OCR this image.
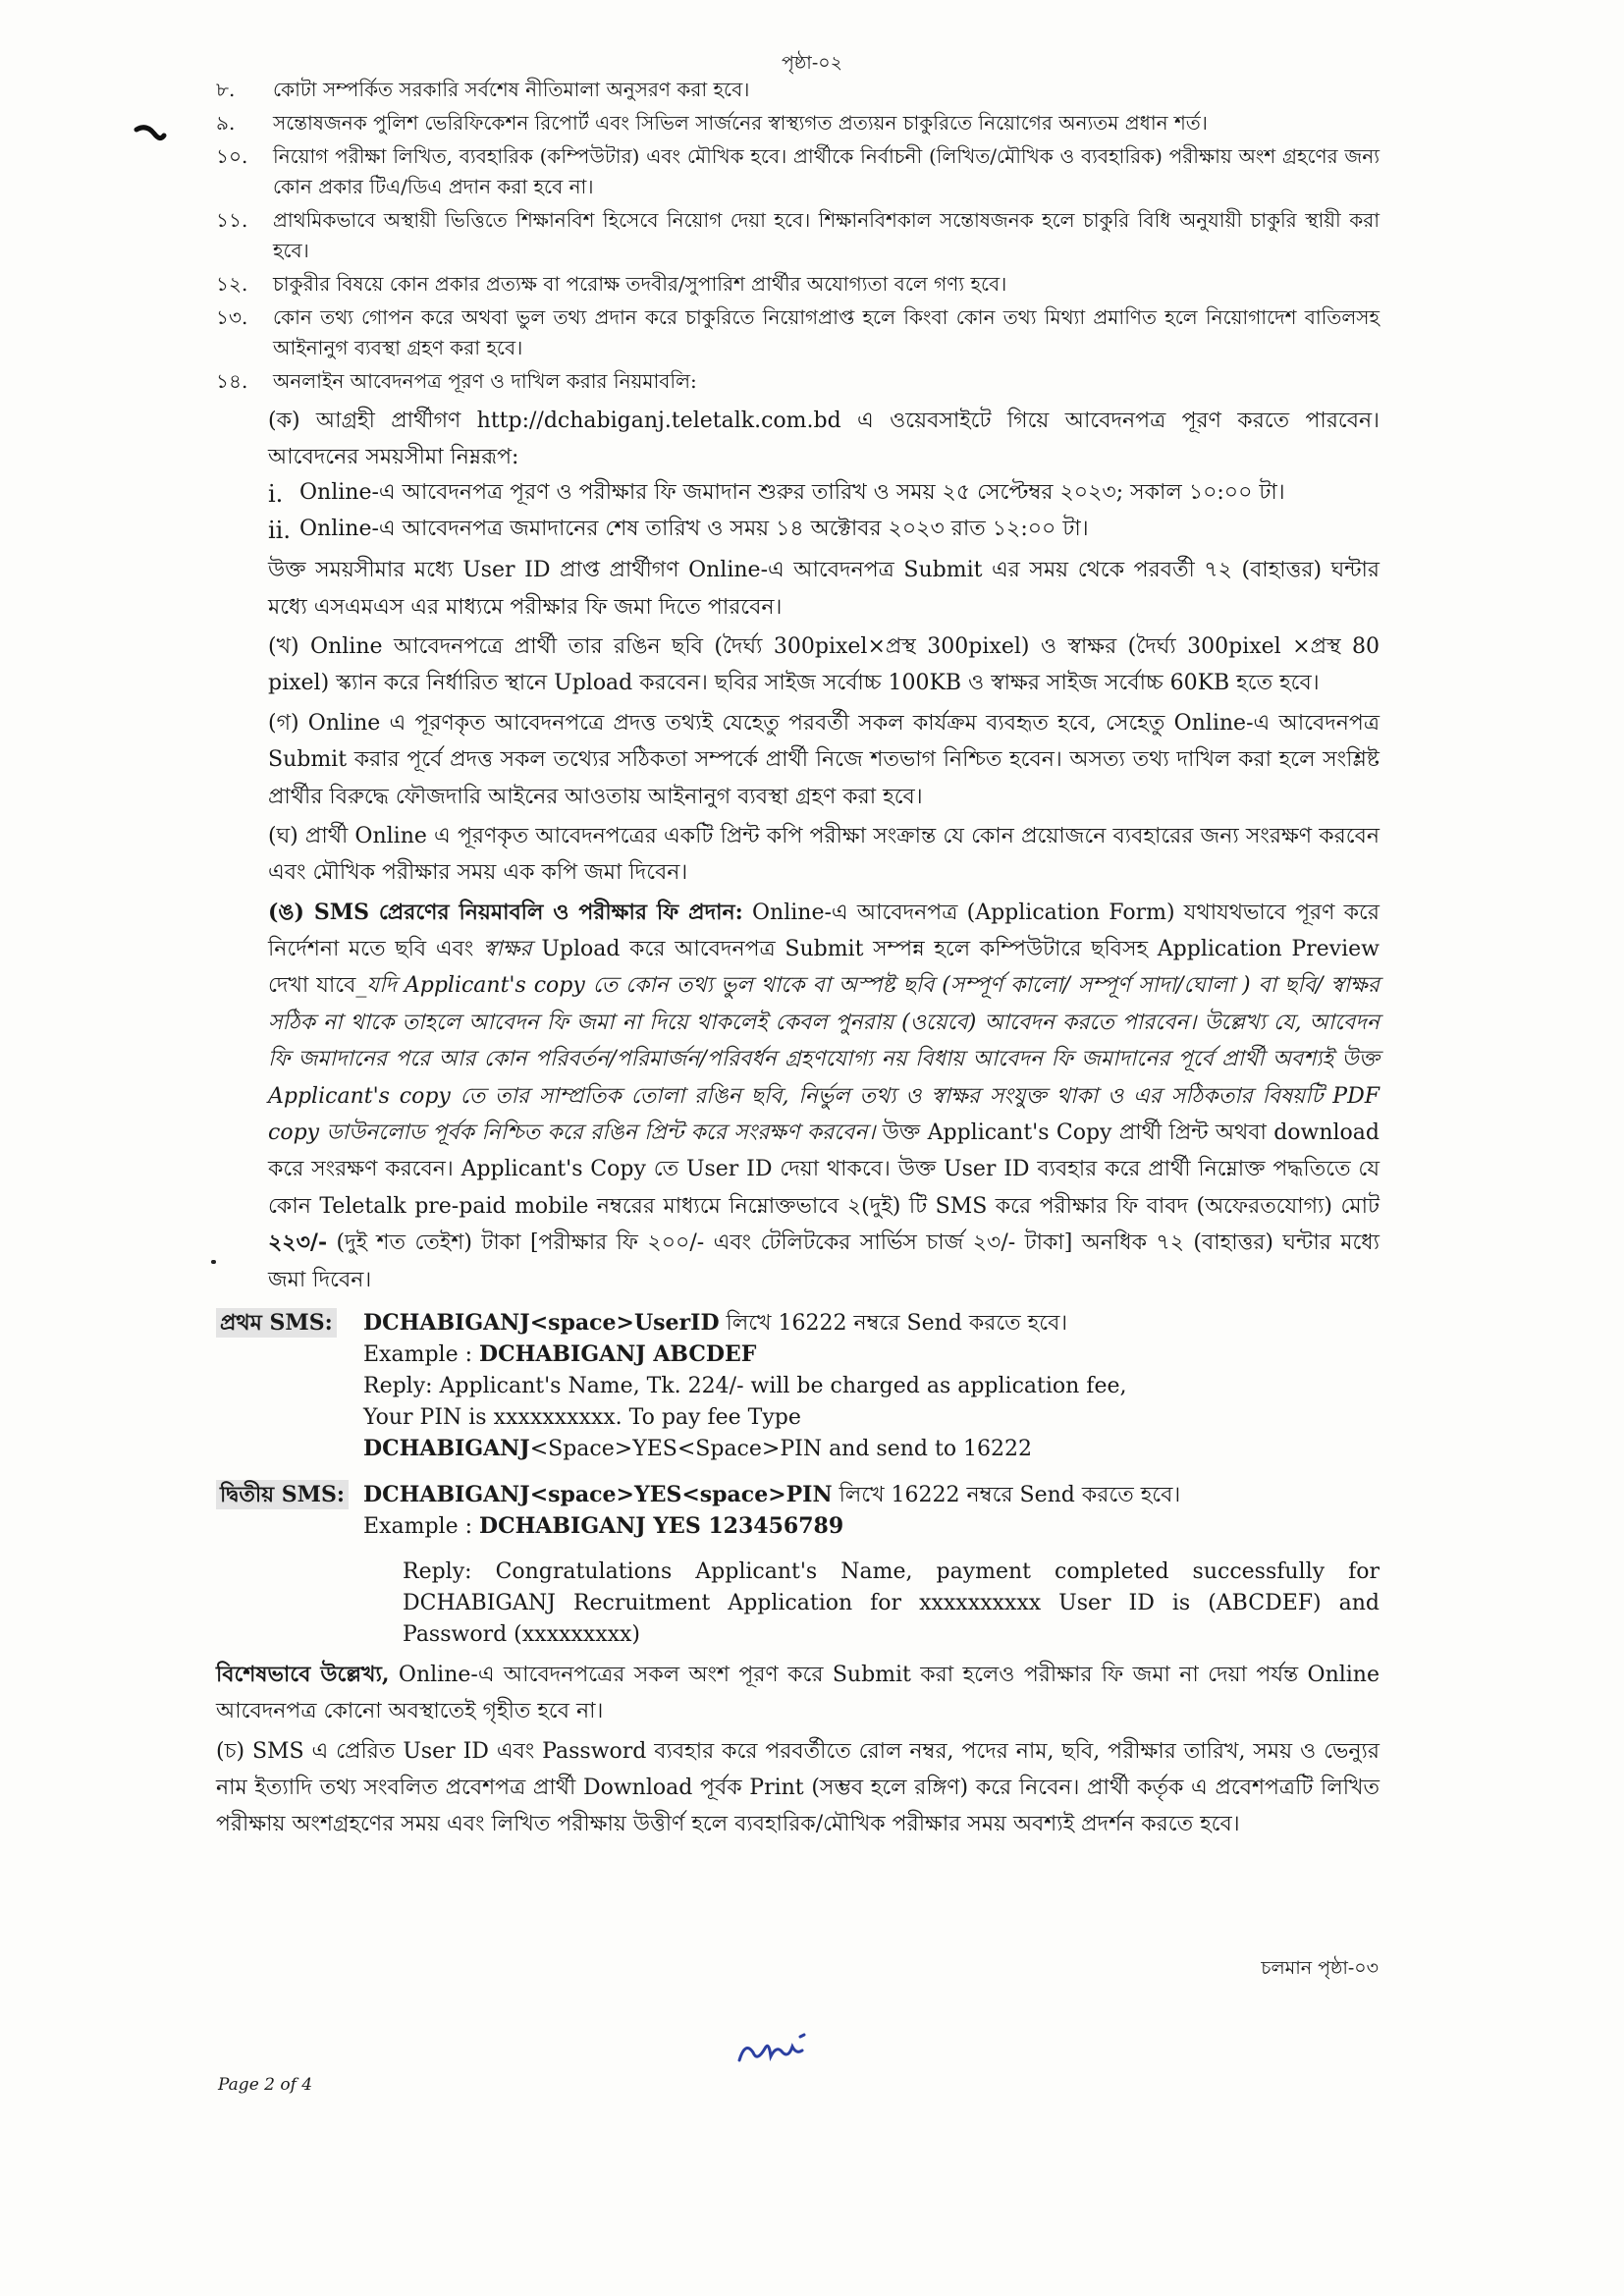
পৃষ্ঠা-০২
৮.	কোটা সম্পর্কিত সরকারি সর্বশেষ নীতিমালা অনুসরণ করা হবে।
৯.	সন্তোষজনক পুলিশ ভেরিফিকেশন রিপোর্ট এবং সিভিল সার্জনের স্বাস্থ্যগত প্রত্যয়ন চাকুরিতে নিয়োগের অন্যতম প্রধান শর্ত।
১০.	নিয়োগ পরীক্ষা লিখিত, ব্যবহারিক (কম্পিউটার) এবং মৌখিক হবে। প্রার্থীকে নির্বাচনী (লিখিত/মৌখিক ও ব্যবহারিক) পরীক্ষায় অংশ গ্রহণের জন্য কোন প্রকার টিএ/ডিএ প্রদান করা হবে না।
১১.	প্রাথমিকভাবে অস্থায়ী ভিত্তিতে শিক্ষানবিশ হিসেবে নিয়োগ দেয়া হবে। শিক্ষানবিশকাল সন্তোষজনক হলে চাকুরি বিধি অনুযায়ী চাকুরি স্থায়ী করা হবে।
১২.	চাকুরীর বিষয়ে কোন প্রকার প্রত্যক্ষ বা পরোক্ষ তদবীর/সুপারিশ প্রার্থীর অযোগ্যতা বলে গণ্য হবে।
১৩.	কোন তথ্য গোপন করে অথবা ভুল তথ্য প্রদান করে চাকুরিতে নিয়োগপ্রাপ্ত হলে কিংবা কোন তথ্য মিথ্যা প্রমাণিত হলে নিয়োগাদেশ বাতিলসহ আইনানুগ ব্যবস্থা গ্রহণ করা হবে।
১৪.	অনলাইন আবেদনপত্র পূরণ ও দাখিল করার নিয়মাবলি:
(ক) আগ্রহী প্রার্থীগণ http://dchabiganj.teletalk.com.bd এ ওয়েবসাইটে গিয়ে আবেদনপত্র পূরণ করতে পারবেন। আবেদনের সময়সীমা নিম্নরূপ:
i. Online-এ আবেদনপত্র পূরণ ও পরীক্ষার ফি জমাদান শুরুর তারিখ ও সময় ২৫ সেপ্টেম্বর ২০২৩; সকাল ১০:০০ টা।
ii. Online-এ আবেদনপত্র জমাদানের শেষ তারিখ ও সময় ১৪ অক্টোবর ২০২৩ রাত ১২:০০ টা।
উক্ত সময়সীমার মধ্যে User ID প্রাপ্ত প্রার্থীগণ Online-এ আবেদনপত্র Submit এর সময় থেকে পরবর্তী ৭২ (বাহাত্তর) ঘন্টার মধ্যে এসএমএস এর মাধ্যমে পরীক্ষার ফি জমা দিতে পারবেন।
(খ) Online আবেদনপত্রে প্রার্থী তার রঙিন ছবি (দৈর্ঘ্য 300pixel×প্রস্থ 300pixel) ও স্বাক্ষর (দৈর্ঘ্য 300pixel ×প্রস্থ 80 pixel) স্ক্যান করে নির্ধারিত স্থানে Upload করবেন। ছবির সাইজ সর্বোচ্চ 100KB ও স্বাক্ষর সাইজ সর্বোচ্চ 60KB হতে হবে।
(গ) Online এ পূরণকৃত আবেদনপত্রে প্রদত্ত তথ্যই যেহেতু পরবর্তী সকল কার্যক্রম ব্যবহৃত হবে, সেহেতু Online-এ আবেদনপত্র Submit করার পূর্বে প্রদত্ত সকল তথ্যের সঠিকতা সম্পর্কে প্রার্থী নিজে শতভাগ নিশ্চিত হবেন। অসত্য তথ্য দাখিল করা হলে সংশ্লিষ্ট প্রার্থীর বিরুদ্ধে ফৌজদারি আইনের আওতায় আইনানুগ ব্যবস্থা গ্রহণ করা হবে।
(ঘ) প্রার্থী Online এ পূরণকৃত আবেদনপত্রের একটি প্রিন্ট কপি পরীক্ষা সংক্রান্ত যে কোন প্রয়োজনে ব্যবহারের জন্য সংরক্ষণ করবেন এবং মৌখিক পরীক্ষার সময় এক কপি জমা দিবেন।
(ঙ) SMS প্রেরণের নিয়মাবলি ও পরীক্ষার ফি প্রদান: Online-এ আবেদনপত্র (Application Form) যথাযথভাবে পূরণ করে নির্দেশনা মতে ছবি এবং স্বাক্ষর Upload করে আবেদনপত্র Submit সম্পন্ন হলে কম্পিউটারে ছবিসহ Application Preview দেখা যাবে_যদি Applicant's copy তে কোন তথ্য ভুল থাকে বা অস্পষ্ট ছবি (সম্পূর্ণ কালো/ সম্পূর্ণ সাদা/ঘোলা ) বা ছবি/ স্বাক্ষর সঠিক না থাকে তাহলে আবেদন ফি জমা না দিয়ে থাকলেই কেবল পুনরায় (ওয়েবে) আবেদন করতে পারবেন। উল্লেখ্য যে, আবেদন ফি জমাদানের পরে আর কোন পরিবর্তন/পরিমার্জন/পরিবর্ধন গ্রহণযোগ্য নয় বিধায় আবেদন ফি জমাদানের পূর্বে প্রার্থী অবশ্যই উক্ত Applicant's copy তে তার সাম্প্রতিক তোলা রঙিন ছবি, নির্ভুল তথ্য ও স্বাক্ষর সংযুক্ত থাকা ও এর সঠিকতার বিষয়টি PDF copy ডাউনলোড পূর্বক নিশ্চিত করে রঙিন প্রিন্ট করে সংরক্ষণ করবেন। উক্ত Applicant's Copy প্রার্থী প্রিন্ট অথবা download করে সংরক্ষণ করবেন। Applicant's Copy তে User ID দেয়া থাকবে। উক্ত User ID ব্যবহার করে প্রার্থী নিম্নোক্ত পদ্ধতিতে যে কোন Teletalk pre-paid mobile নম্বরের মাধ্যমে নিম্নোক্তভাবে ২(দুই) টি SMS করে পরীক্ষার ফি বাবদ (অফেরতযোগ্য) মোট ২২৩/- (দুই শত তেইশ) টাকা [পরীক্ষার ফি ২০০/- এবং টেলিটকের সার্ভিস চার্জ ২৩/- টাকা] অনধিক ৭২ (বাহাত্তর) ঘন্টার মধ্যে জমা দিবেন।
প্রথম SMS:	DCHABIGANJ<space>UserID লিখে 16222 নম্বরে Send করতে হবে।
Example : DCHABIGANJ ABCDEF
Reply: Applicant's Name, Tk. 224/- will be charged as application fee,
Your PIN is xxxxxxxxxx. To pay fee Type
DCHABIGANJ<Space>YES<Space>PIN and send to 16222
দ্বিতীয় SMS: DCHABIGANJ<space>YES<space>PIN লিখে 16222 নম্বরে Send করতে হবে।
Example : DCHABIGANJ YES 123456789
Reply: Congratulations Applicant's Name, payment completed successfully for DCHABIGANJ Recruitment Application for xxxxxxxxxx User ID is (ABCDEF) and Password (xxxxxxxxx)
বিশেষভাবে উল্লেখ্য, Online-এ আবেদনপত্রের সকল অংশ পূরণ করে Submit করা হলেও পরীক্ষার ফি জমা না দেয়া পর্যন্ত Online আবেদনপত্র কোনো অবস্থাতেই গৃহীত হবে না।
(চ) SMS এ প্রেরিত User ID এবং Password ব্যবহার করে পরবর্তীতে রোল নম্বর, পদের নাম, ছবি, পরীক্ষার তারিখ, সময় ও ভেন্যুর নাম ইত্যাদি তথ্য সংবলিত প্রবেশপত্র প্রার্থী Download পূর্বক Print (সম্ভব হলে রঙ্গিণ) করে নিবেন। প্রার্থী কর্তৃক এ প্রবেশপত্রটি লিখিত পরীক্ষায় অংশগ্রহণের সময় এবং লিখিত পরীক্ষায় উত্তীর্ণ হলে ব্যবহারিক/মৌখিক পরীক্ষার সময় অবশ্যই প্রদর্শন করতে হবে।
চলমান পৃষ্ঠা-০৩
Page 2 of 4
